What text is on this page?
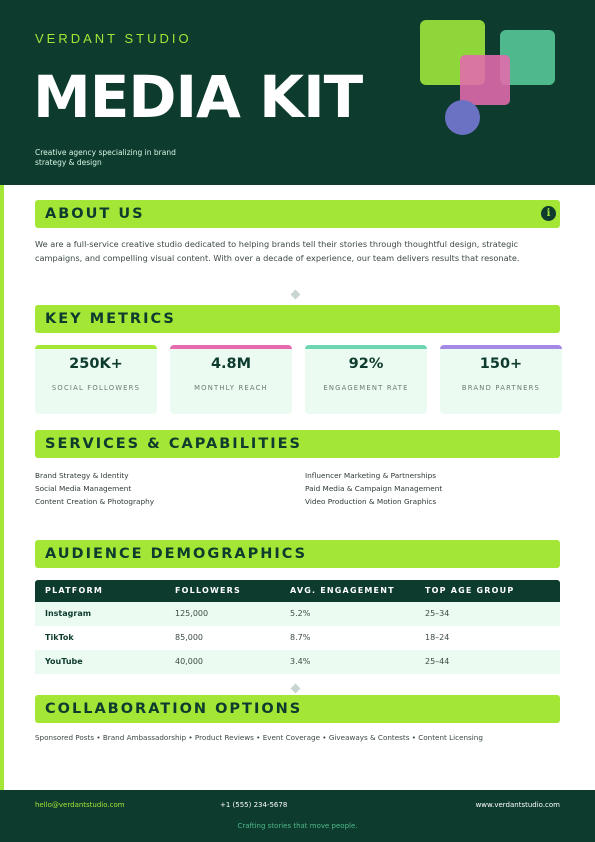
VERDANT STUDIO
MEDIA KIT
Creative agency specializing in brand strategy & design
ABOUT US	i
We are a full-service creative studio dedicated to helping brands tell their stories through thoughtful design, strategic campaigns, and compelling visual content. With over a decade of experience, our team delivers results that resonate.
KEY METRICS
250K+
SOCIAL FOLLOWERS
4.8M
MONTHLY REACH
92%
ENGAGEMENT RATE
150+
BRAND PARTNERS
SERVICES & CAPABILITIES
Brand Strategy & Identity
Social Media Management
Content Creation & Photography
Influencer Marketing & Partnerships
Paid Media & Campaign Management
Video Production & Motion Graphics
AUDIENCE DEMOGRAPHICS
PLATFORM	FOLLOWERS	AVG. ENGAGEMENT	TOP AGE GROUP
Instagram	125,000	5.2%	25–34
TikTok	85,000	8.7%	18–24
YouTube	40,000	3.4%	25–44
COLLABORATION OPTIONS
Sponsored Posts • Brand Ambassadorship • Product Reviews • Event Coverage • Giveaways & Contests • Content Licensing
hello@verdantstudio.com	+1 (555) 234-5678	www.verdantstudio.com
Crafting stories that move people.
